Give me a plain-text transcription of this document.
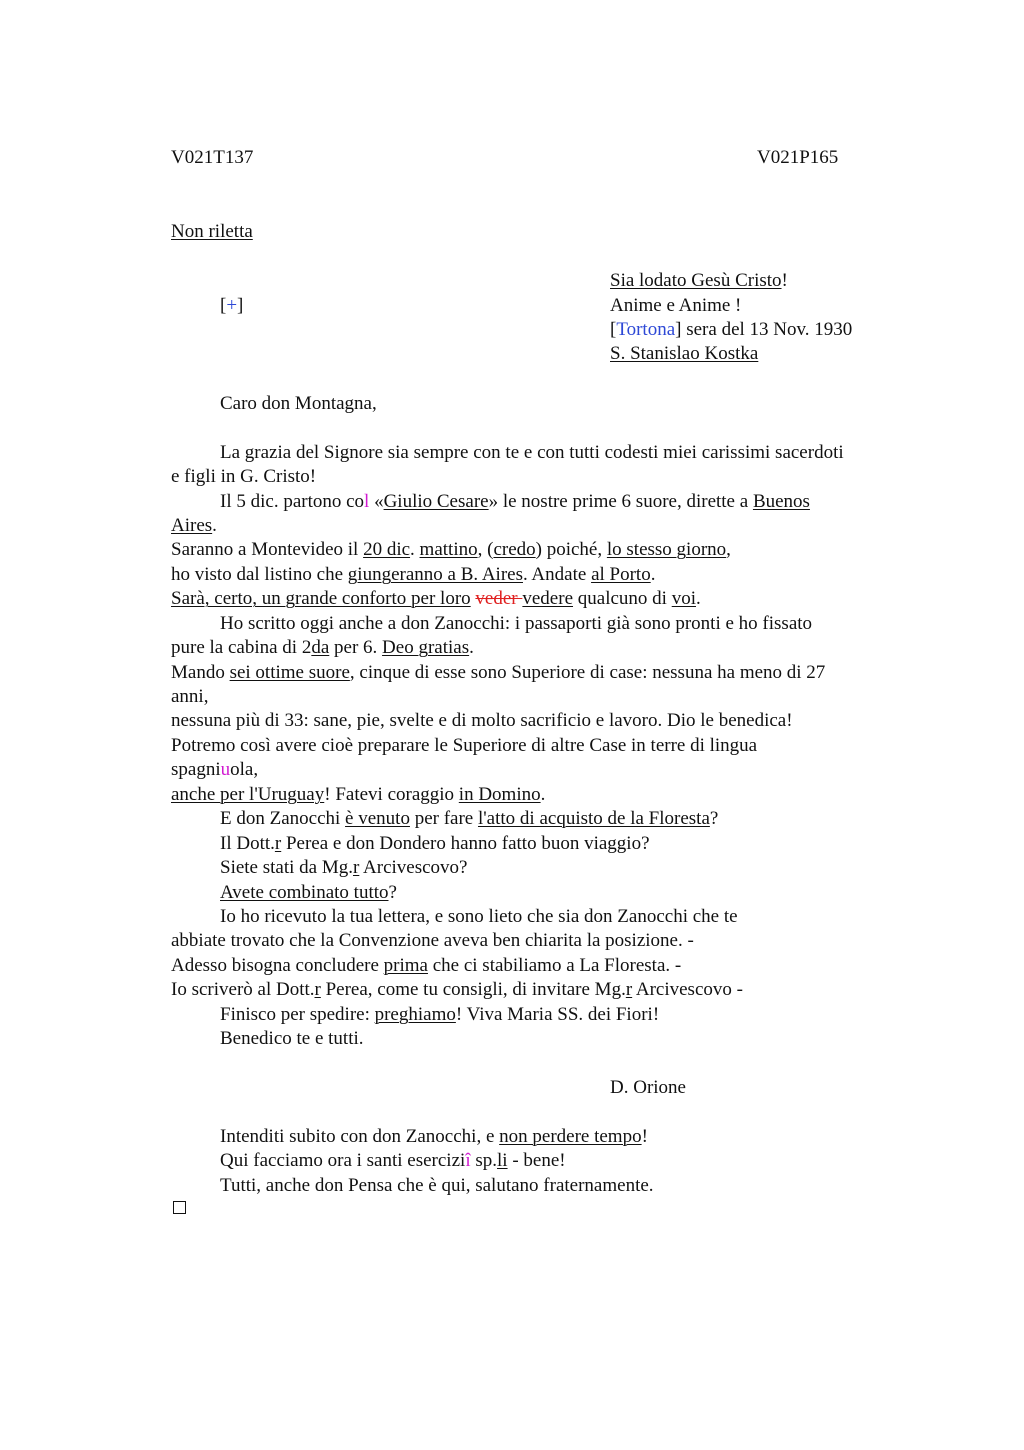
V021T137	V021P165
Non riletta
[+]
Sia lodato Gesù Cristo!
Anime e Anime !
[Tortona] sera del 13 Nov. 1930
S. Stanislao Kostka
Caro don Montagna,
La grazia del Signore sia sempre con te e con tutti codesti miei carissimi sacerdoti
e figli in G. Cristo!
Il 5 dic. partono col «Giulio Cesare» le nostre prime 6 suore, dirette a Buenos
Aires.
Saranno a Montevideo il 20 dic. mattino, (credo) poiché, lo stesso giorno,
ho visto dal listino che giungeranno a B. Aires. Andate al Porto.
Sarà, certo, un grande conforto per loro veder vedere qualcuno di voi.
Ho scritto oggi anche a don Zanocchi: i passaporti già sono pronti e ho fissato
pure la cabina di 2da per 6. Deo gratias.
Mando sei ottime suore, cinque di esse sono Superiore di case: nessuna ha meno di 27
anni,
nessuna più di 33: sane, pie, svelte e di molto sacrificio e lavoro. Dio le benedica!
Potremo così avere cioè preparare le Superiore di altre Case in terre di lingua
spagniuola,
anche per l'Uruguay! Fatevi coraggio in Domino.
E don Zanocchi è venuto per fare l'atto di acquisto de la Floresta?
Il Dott.r Perea e don Dondero hanno fatto buon viaggio?
Siete stati da Mg.r Arcivescovo?
Avete combinato tutto?
Io ho ricevuto la tua lettera, e sono lieto che sia don Zanocchi che te
abbiate trovato che la Convenzione aveva ben chiarita la posizione. -
Adesso bisogna concludere prima che ci stabiliamo a La Floresta. -
Io scriverò al Dott.r Perea, come tu consigli, di invitare Mg.r Arcivescovo -
Finisco per spedire: preghiamo! Viva Maria SS. dei Fiori!
Benedico te e tutti.
D. Orione
Intenditi subito con don Zanocchi, e non perdere tempo!
Qui facciamo ora i santi eserciziî sp.li - bene!
Tutti, anche don Pensa che è qui, salutano fraternamente.
